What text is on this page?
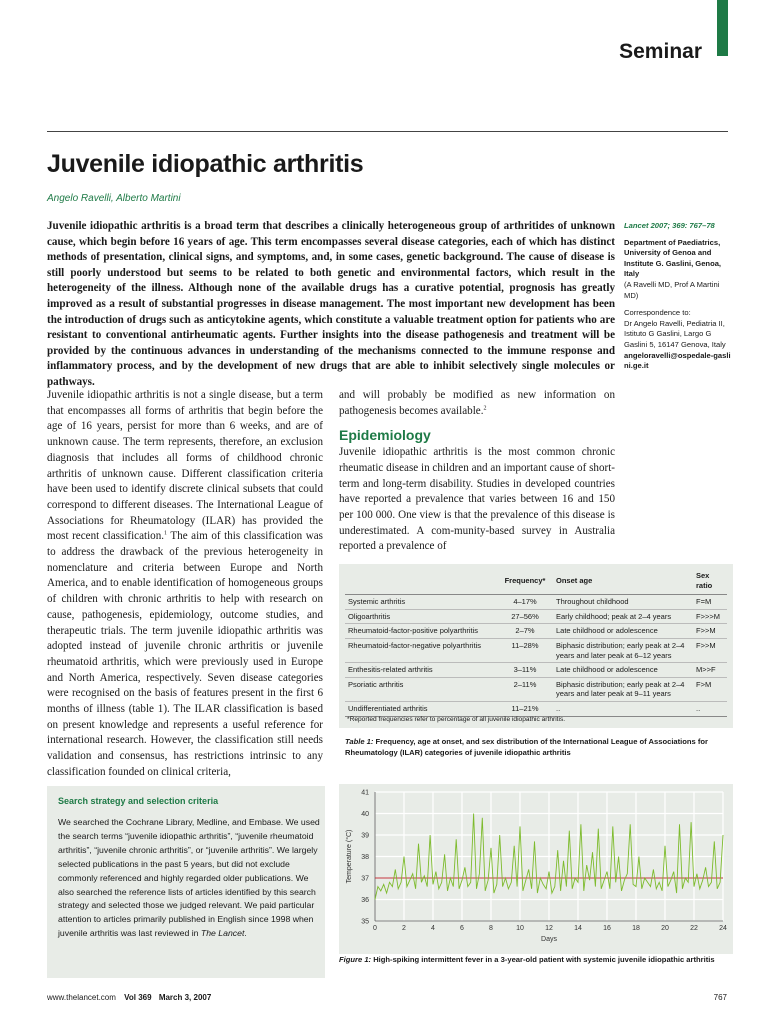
Seminar
Juvenile idiopathic arthritis
Angelo Ravelli, Alberto Martini

Juvenile idiopathic arthritis is a broad term that describes a clinically heterogeneous group of arthritides of unknown cause, which begin before 16 years of age. This term encompasses several disease categories, each of which has distinct methods of presentation, clinical signs, and symptoms, and, in some cases, genetic background. The cause of disease is still poorly understood but seems to be related to both genetic and environmental factors, which result in the heterogeneity of the illness. Although none of the available drugs has a curative potential, prognosis has greatly improved as a result of substantial progresses in disease management. The most important new development has been the introduction of drugs such as anticytokine agents, which constitute a valuable treatment option for patients who are resistant to conventional antirheumatic agents. Further insights into the disease pathogenesis and treatment will be provided by the continuous advances in understanding of the mechanisms connected to the immune response and inflammatory process, and by the development of new drugs that are able to inhibit selectively single molecules or pathways.

Lancet 2007; 369: 767–78
Department of Paediatrics, University of Genoa and Institute G. Gaslini, Genoa, Italy
(A Ravelli MD, Prof A Martini MD)
Correspondence to:
Dr Angelo Ravelli, Pediatria II, Istituto G Gaslini, Largo G Gaslini 5, 16147 Genova, Italy
angeloravelli@ospedale-gaslini.ge.it

Juvenile idiopathic arthritis is not a single disease, but a term that encompasses all forms of arthritis that begin before the age of 16 years, persist for more than 6 weeks, and are of unknown cause. The term represents, therefore, an exclusion diagnosis that includes all forms of childhood chronic arthritis of unknown cause. Different classification criteria have been used to identify discrete clinical subsets that could correspond to different diseases. The International League of Associations for Rheumatology (ILAR) has provided the most recent classification.$^1$ The aim of this classification was to address the drawback of the previous heterogeneity in nomenclature and criteria between Europe and North America, and to enable identification of homogeneous groups of children with chronic arthritis to help with research on cause, pathogenesis, epidemiology, outcome studies, and therapeutic trials. The term juvenile idiopathic arthritis was adopted instead of juvenile chronic arthritis or juvenile rheumatoid arthritis, which were previously used in Europe and North America, respectively. Seven disease categories were recognised on the basis of features present in the first 6 months of illness (table 1). The ILAR classification is based on present knowledge and represents a useful reference for international research. However, the classification still needs validation and consensus, has restrictions intrinsic to any classification founded on clinical criteria,

and will probably be modified as new information on pathogenesis becomes available.$^2$

Epidemiology

Juvenile idiopathic arthritis is the most common chronic rheumatic disease in children and an important cause of short-term and long-term disability. Studies in developed countries have reported a prevalence that varies between 16 and 150 per 100 000. One view is that the prevalence of this disease is underestimated. A com-munity-based survey in Australia reported a prevalence of

	Frequency*	Onset age	Sex ratio
Systemic arthritis	4–17%	Throughout childhood	F=M
Oligoarthritis	27–56%	Early childhood; peak at 2–4 years	F>>>M
Rheumatoid-factor-positive polyarthritis	2–7%	Late childhood or adolescence	F>>M
Rheumatoid-factor-negative polyarthritis	11–28%	Biphasic distribution; early peak at 2–4 years and later peak at 6–12 years	F>>M
Enthesitis-related arthritis	3–11%	Late childhood or adolescence	M>>F
Psoriatic arthritis	2–11%	Biphasic distribution; early peak at 2–4 years and later peak at 9–11 years	F>M
Undifferentiated arthritis	11–21%	..	..
*Reported frequencies refer to percentage of all juvenile idiopathic arthritis.
Table 1: Frequency, age at onset, and sex distribution of the International League of Associations for Rheumatology (ILAR) categories of juvenile idiopathic arthritis
Search strategy and selection criteria
We searched the Cochrane Library, Medline, and Embase. We used the search terms “juvenile idiopathic arthritis”, “juvenile rheumatoid arthritis”, “juvenile chronic arthritis”, or “juvenile arthritis”. We largely selected publications in the past 5 years, but did not exclude commonly referenced and highly regarded older publications. We also searched the reference lists of articles identified by this search strategy and selected those we judged relevant. We paid particular attention to articles primarily published in English since 1998 when juvenile arthritis was last reviewed in The Lancet.
35
36
37
38
39
40
41
0	2	4	6	8	10	12	14	16	18	20	22	24
Temperature (°C)
Days
Figure 1: High-spiking intermittent fever in a 3-year-old patient with systemic juvenile idiopathic arthritis
www.thelancet.com Vol 369 March 3, 2007	767
